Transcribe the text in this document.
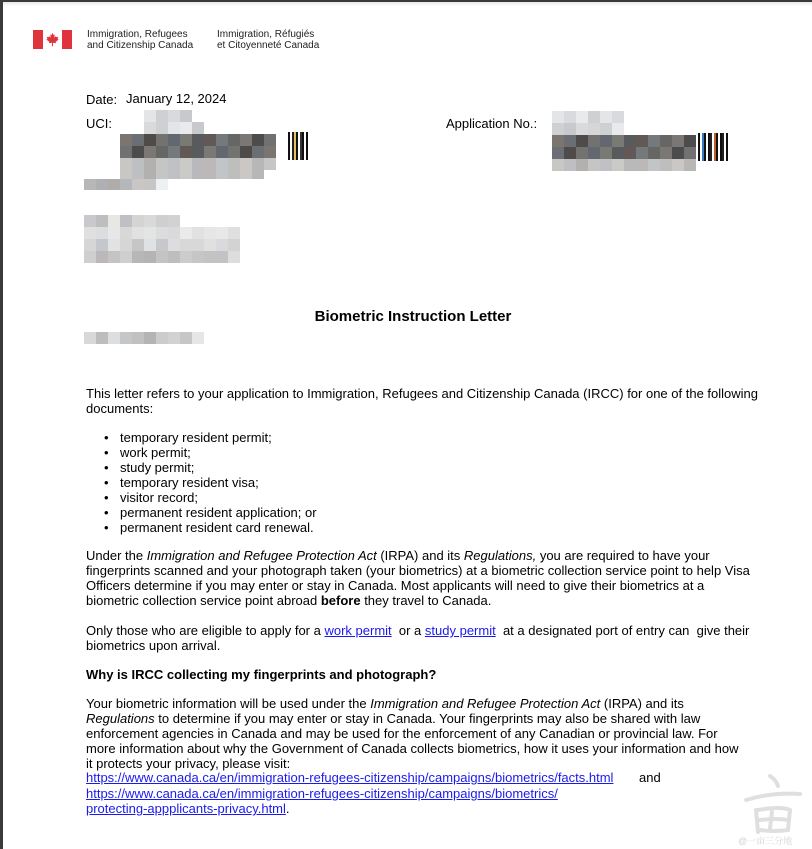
Immigration, Refugees
and Citizenship Canada
Immigration, Réfugiés
et Citoyenneté Canada
Date: January 12, 2024
UCI:	Application No.:
Biometric Instruction Letter
This letter refers to your application to Immigration, Refugees and Citizenship Canada (IRCC) for one of the following documents:
• temporary resident permit;
• work permit;
• study permit;
• temporary resident visa;
• visitor record;
• permanent resident application; or
• permanent resident card renewal.
Under the Immigration and Refugee Protection Act (IRPA) and its Regulations, you are required to have your fingerprints scanned and your photograph taken (your biometrics) at a biometric collection service point to help Visa Officers determine if you may enter or stay in Canada. Most applicants will need to give their biometrics at a biometric collection service point abroad before they travel to Canada.
Only those who are eligible to apply for a work permit  or a study permit  at a designated port of entry can  give their biometrics upon arrival.
Why is IRCC collecting my fingerprints and photograph?
Your biometric information will be used under the Immigration and Refugee Protection Act (IRPA) and its Regulations to determine if you may enter or stay in Canada. Your fingerprints may also be shared with law enforcement agencies in Canada and may be used for the enforcement of any Canadian or provincial law. For more information about why the Government of Canada collects biometrics, how it uses your information and how it protects your privacy, please visit:
https://www.canada.ca/en/immigration-refugees-citizenship/campaigns/biometrics/facts.html and
https://www.canada.ca/en/immigration-refugees-citizenship/campaigns/biometrics/
protecting-appplicants-privacy.html.
@一亩三分地
